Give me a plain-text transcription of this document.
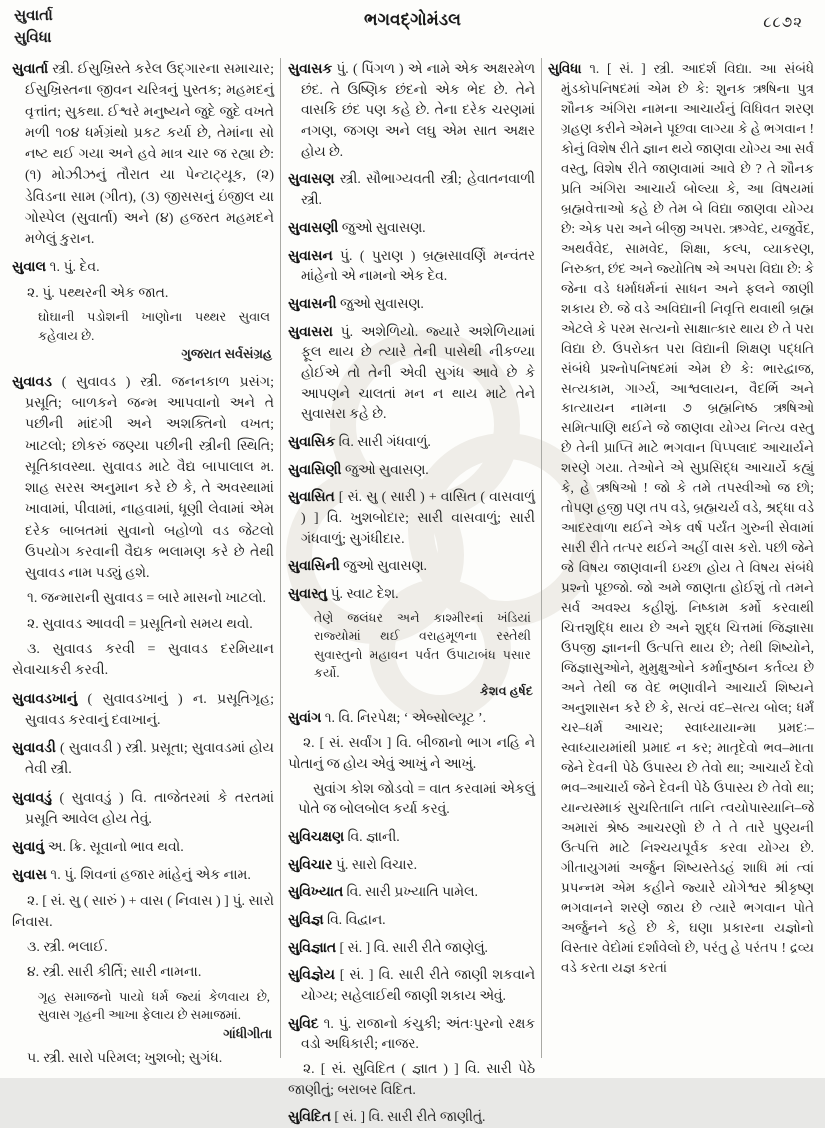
સુવાર્તા
સુવિધા
ભગવદ્ગોમંડલ	૮૮૭૨

સુવાર્તા સ્ત્રી. ઈસુખ્રિસ્તે કરેલ ઉદ્ગારના સમાચાર; ઈસુખ્રિસ્તના જીવન ચરિત્રનું પુસ્તક; મહમદનું વૃત્તાંત; સુકથા. ઈશ્વરે મનુષ્યને જુદે જુદે વખતે મળી ૧૦૪ ધર્મગ્રંથો પ્રકટ કર્યા છે, તેમાંના સો નષ્ટ થઈ ગયા અને હવે માત્ર ચાર જ રહ્યા છે: (૧) મોઝીઝનું તૌરાત યા પેન્ટાટ્યૂક, (૨) ડેવિડના સામ (ગીત), (૩) જીસસનું ઇંજીલ યા ગોસ્પેલ (સુવાર્તા) અને (૪) હજરત મહમદને મળેલું કુરાન.

સુવાલ ૧. પું. દેવ.

૨. પું. પથ્થરની એક જાત.

ઘોઘાની પડોશની ખાણોના પથ્થર સુવાલ કહેવાય છે.

ગુજરાત સર્વસંગ્રહ

સુવાવડ ( સુવાવડ ) સ્ત્રી. જનનકાળ પ્રસંગ; પ્રસૂતિ; બાળકને જન્મ આપવાનો અને તે પછીની માંદગી અને અશક્તિનો વખત; ખાટલો; છોકરું જણ્યા પછીની સ્ત્રીની સ્થિતિ; સૂતિકાવસ્થા. સુવાવડ માટે વૈદ્ય બાપાલાલ મ. શાહ સરસ અનુમાન કરે છે કે, તે અવસ્થામાં ખાવામાં, પીવામાં, નાહવામાં, ધૂણી લેવામાં એમ દરેક બાબતમાં સુવાનો બહોળો વડ જેટલો ઉપયોગ કરવાની વૈદ્યક ભલામણ કરે છે તેથી સુવાવડ નામ પડ્યું હશે.

૧. જન્મારાની સુવાવડ = બારે માસનો ખાટલો.

૨. સુવાવડ આવવી = પ્રસૂતિનો સમય થવો.

૩. સુવાવડ કરવી = સુવાવડ દરમિયાન સેવાચાકરી કરવી.

સુવાવડખાનું ( સુવાવડખાનું ) ન. પ્રસૂતિગૃહ; સુવાવડ કરવાનું દવાખાનું.

સુવાવડી ( સુવાવડી ) સ્ત્રી. પ્રસૂતા; સુવાવડમાં હોય તેવી સ્ત્રી.

સુવાવડું ( સુવાવડું ) વિ. તાજેતરમાં કે તરતમાં પ્રસૂતિ આવેલ હોય તેવું.

સુવાવું અ. ક્રિ. સૂવાનો ભાવ થવો.

સુવાસ ૧. પું. શિવનાં હજાર માંહેનું એક નામ.

૨. [ સં. સુ ( સારું ) + વાસ ( નિવાસ ) ] પું. સારો નિવાસ.

૩. સ્ત્રી. ભલાઈ.

૪. સ્ત્રી. સારી કીર્તિ; સારી નામના.

ગૃહ સમાજનો પાયો ધર્મ જ્યાં કેળવાય છે, સુવાસ ગૃહની આખા ફેલાય છે સમાજમાં.

ગાંધીગીતા

૫. સ્ત્રી. સારો પરિમલ; ખુશબો; સુગંધ.

સુવાસક પું. ( પિંગળ ) એ નામે એક અક્ષરમેળ છંદ. તે ઉષ્ણિક છંદનો એક ભેદ છે. તેને વાસકિ છંદ પણ કહે છે. તેના દરેક ચરણમાં નગણ, જગણ અને લઘુ એમ સાત અક્ષર હોય છે.

સુવાસણ સ્ત્રી. સૌભાગ્યવતી સ્ત્રી; હેવાતનવાળી સ્ત્રી.

સુવાસણી જુઓ સુવાસણ.

સુવાસન પું. ( પુરાણ ) બ્રહ્મસાવર્ણિ મન્વંતર માંહેનો એ નામનો એક દેવ.

સુવાસની જુઓ સુવાસણ.

સુવાસરા પું. અશેળિયો. જ્યારે અશેળિયામાં ફૂલ થાય છે ત્યારે તેની પાસેથી નીકળ્યા હોઈએ તો તેની એવી સુગંધ આવે છે કે આપણને ચાલતાં મન ન થાય માટે તેને સુવાસરા કહે છે.

સુવાસિક વિ. સારી ગંધવાળું.

સુવાસિણી જુઓ સુવાસણ.

સુવાસિત [ સં. સુ ( સારી ) + વાસિત ( વાસવાળું ) ] વિ. ખુશબોદાર; સારી વાસવાળું; સારી ગંધવાળું; સુગંધીદાર.

સુવાસિની જુઓ સુવાસણ.

સુવાસ્તુ પું. સ્વાટ દેશ.

તેણે જલંધર અને કાશ્મીરનાં ખંડિયાં રાજ્યોમાં થઈ વરાહમૂળના રસ્તેથી સુવાસ્તુનો મહાવન પર્વત ઉપાટાબંધ પસાર કર્યો.

કેશવ હર્ષદ

સુવાંગ ૧. વિ. નિરપેક્ષ; ‘ એબ્સોલ્યૂટ ’.

૨. [ સં. સર્વાંગ ] વિ. બીજાનો ભાગ નહિ ને પોતાનું જ હોય એવું આખું ને આખું.

સુવાંગ કોશ જોડવો = વાત કરવામાં એકલું પોતે જ બોલબોલ કર્યા કરવું.

સુવિચક્ષણ વિ. જ્ઞાની.

સુવિચાર પું. સારો વિચાર.

સુવિખ્યાત વિ. સારી પ્રખ્યાતિ પામેલ.

સુવિજ્ઞ વિ. વિદ્વાન.

સુવિજ્ઞાત [ સં. ] વિ. સારી રીતે જાણેલું.

સુવિજ્ઞેય [ સં. ] વિ. સારી રીતે જાણી શકવાને યોગ્ય; સહેલાઈથી જાણી શકાય એવું.

સુવિદ ૧. પું. રાજાનો કંચુકી; અંતઃપુરનો રક્ષક વડો અધિકારી; નાજર.

૨. [ સં. સુવિદિત ( જ્ઞાત ) ] વિ. સારી પેઠે જાણીતું; બરાબર વિદિત.

સુવિદિત [ સં. ] વિ. સારી રીતે જાણીતું.

સુવિધા ૧. [ સં. ] સ્ત્રી. આદર્શ વિદ્યા. આ સંબંધે મુંડકોપનિષદમાં એમ છે કે: શુનક ઋષિના પુત્ર શૌનક અંગિરા નામના આચાર્યનું વિધિવત શરણ ગ્રહણ કરીને એમને પૂછવા લાગ્યા કે હે ભગવાન ! કોનું વિશેષ રીતે જ્ઞાન થયે જાણવા યોગ્ય આ સર્વ વસ્તુ, વિશેષ રીતે જાણવામાં આવે છે ? તે શૌનક પ્રતિ અંગિરા આચાર્ય બોલ્યા કે, આ વિષયમાં બ્રહ્મવેત્તાઓ કહે છે તેમ બે વિદ્યા જાણવા યોગ્ય છે: એક પરા અને બીજી અપરા. ઋગ્વેદ, યજુર્વેદ, અથર્વવેદ, સામવેદ, શિક્ષા, કલ્પ, વ્યાકરણ, નિરુક્ત, છંદ અને જ્યોતિષ એ અપરા વિદ્યા છે: કે જેના વડે ધર્માધર્મનાં સાધન અને ફલને જાણી શકાય છે. જે વડે અવિદ્યાની નિવૃત્તિ થવાથી બ્રહ્મ એટલે કે પરમ સત્યનો સાક્ષાત્કાર થાય છે તે પરા વિદ્યા છે. ઉપરોક્ત પરા વિદ્યાની શિક્ષણ પદ્ધતિ સંબંધે પ્રશ્નોપનિષદમાં એમ છે કે: ભારદ્વાજ, સત્યકામ, ગાર્ગ્ય, આશ્વલાયન, વૈદર્ભિ અને કાત્યાયન નામના ૭ બ્રહ્મનિષ્ઠ ઋષિઓ સમિત્પાણિ થઈને જે જાણવા યોગ્ય નિત્ય વસ્તુ છે તેની પ્રાપ્તિ માટે ભગવાન પિપ્પલાદ આચાર્યને શરણે ગયા. તેઓને એ સુપ્રસિદ્ધ આચાર્યે કહ્યું કે, હે ઋષિઓ ! જો કે તમે તપસ્વીઓ જ છો; તોપણ હજી પણ તપ વડે, બ્રહ્મચર્ય વડે, શ્રદ્ધા વડે આદરવાળા થઈને એક વર્ષ પર્યંત ગુરુની સેવામાં સારી રીતે તત્પર થઈને અહીં વાસ કરો. પછી જેને જે વિષય જાણવાની ઇચ્છા હોય તે વિષય સંબંધે પ્રશ્નો પૂછજો. જો અમે જાણતા હોઈશું તો તમને સર્વ અવશ્ય કહીશું. નિષ્કામ કર્મો કરવાથી ચિત્તશુદ્ધિ થાય છે અને શુદ્ધ ચિત્તમાં જિજ્ઞાસા ઉપજી જ્ઞાનની ઉત્પત્તિ થાય છે; તેથી શિષ્યોને, જિજ્ઞાસુઓને, મુમુક્ષુઓને કર્માનુષ્ઠાન કર્તવ્ય છે અને તેથી જ વેદ ભણાવીને આચાર્ય શિષ્યને અનુશાસન કરે છે કે, સત્યં વદ–સત્ય બોલ; ધર્મં ચર–ધર્મ આચર; સ્વાધ્યાયાન્મા પ્રમદઃ–સ્વાધ્યાયમાંથી પ્રમાદ ન કર; માતૃદેવો ભવ–માતા જેને દેવની પેઠે ઉપાસ્ય છે તેવો થા; આચાર્ય દેવો ભવ–આચાર્ય જેને દેવની પેઠે ઉપાસ્ય છે તેવો થા; યાન્યસ્માકં સુચરિતાનિ તાનિ ત્વયોપાસ્યાનિ–જે અમારાં શ્રેષ્ઠ આચરણો છે તે તે તારે પુણ્યની ઉત્પત્તિ માટે નિશ્ચયપૂર્વક કરવા યોગ્ય છે. ગીતાયુગમાં અર્જુન શિષ્યસ્તેડહં શાધિ માં ત્વાં પ્રપન્નમ એમ કહીને જ્યારે યોગેશ્વર શ્રીકૃષ્ણ ભગવાનને શરણે જાય છે ત્યારે ભગવાન પોતે અર્જુનને કહે છે કે, ઘણા પ્રકારના યજ્ઞોનો વિસ્તાર વેદોમાં દર્શાવેલો છે, પરંતુ હે પરંતપ ! દ્રવ્ય વડે કરતા યજ્ઞ કરતાં
